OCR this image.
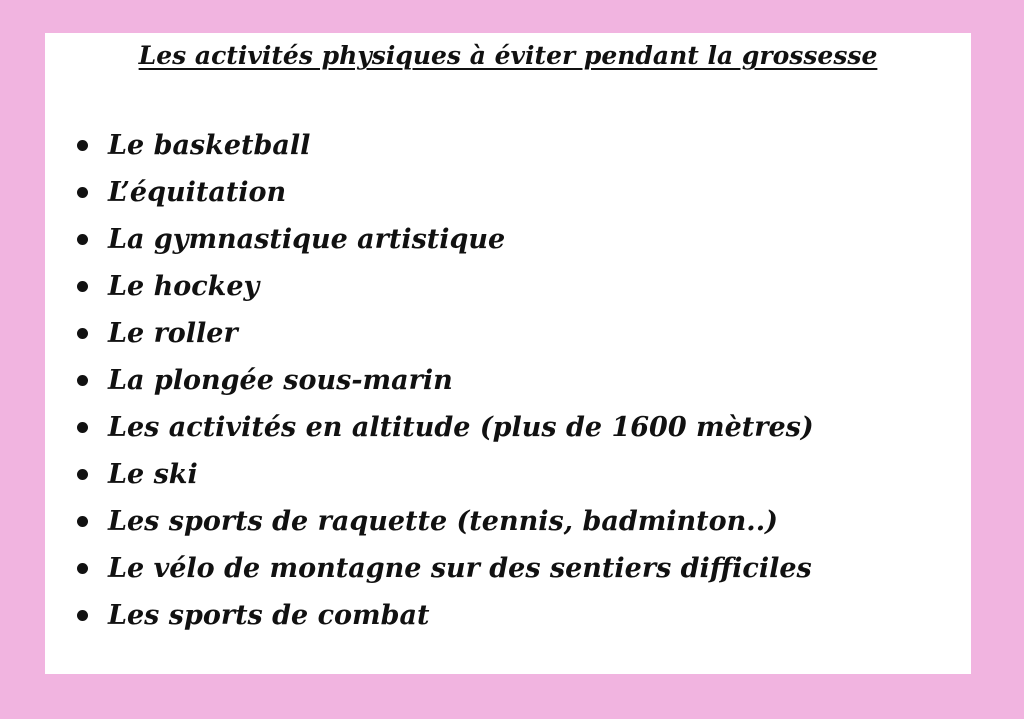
Les activités physiques à éviter pendant la grossesse
Le basketball
L’équitation
La gymnastique artistique
Le hockey
Le roller
La plongée sous-marin
Les activités en altitude (plus de 1600 mètres)
Le ski
Les sports de raquette (tennis, badminton..)
Le vélo de montagne sur des sentiers difficiles
Les sports de combat
